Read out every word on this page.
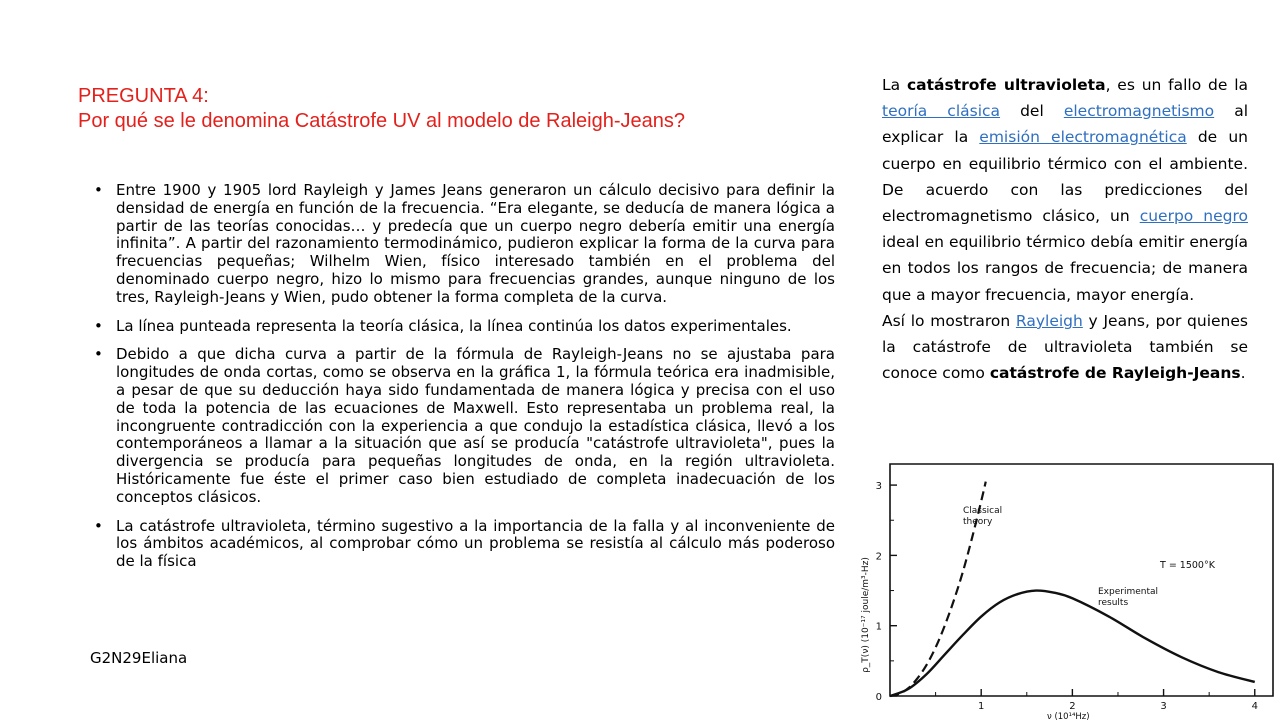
PREGUNTA 4:
Por qué se le denomina Catástrofe UV al modelo de Raleigh-Jeans?

• Entre 1900 y 1905 lord Rayleigh y James Jeans generaron un cálculo decisivo para definir la densidad de energía en función de la frecuencia. “Era elegante, se deducía de manera lógica a partir de las teorías conocidas… y predecía que un cuerpo negro debería emitir una energía infinita”. A partir del razonamiento termodinámico, pudieron explicar la forma de la curva para frecuencias pequeñas; Wilhelm Wien, físico interesado también en el problema del denominado cuerpo negro, hizo lo mismo para frecuencias grandes, aunque ninguno de los tres, Rayleigh-Jeans y Wien, pudo obtener la forma completa de la curva.

• La línea punteada representa la teoría clásica, la línea continúa los datos experimentales.

• Debido a que dicha curva a partir de la fórmula de Rayleigh-Jeans no se ajustaba para longitudes de onda cortas, como se observa en la gráfica 1, la fórmula teórica era inadmisible, a pesar de que su deducción haya sido fundamentada de manera lógica y precisa con el uso de toda la potencia de las ecuaciones de Maxwell. Esto representaba un problema real, la incongruente contradicción con la experiencia a que condujo la estadística clásica, llevó a los contemporáneos a llamar a la situación que así se producía "catástrofe ultravioleta", pues la divergencia se producía para pequeñas longitudes de onda, en la región ultravioleta. Históricamente fue éste el primer caso bien estudiado de completa inadecuación de los conceptos clásicos.

• La catástrofe ultravioleta, término sugestivo a la importancia de la falla y al inconveniente de los ámbitos académicos, al comprobar cómo un problema se resistía al cálculo más poderoso de la física

G2N29Eliana

La catástrofe ultravioleta, es un fallo de la teoría clásica del electromagnetismo al explicar la emisión electromagnética de un cuerpo en equilibrio térmico con el ambiente. De acuerdo con las predicciones del electromagnetismo clásico, un cuerpo negro ideal en equilibrio térmico debía emitir energía en todos los rangos de frecuencia; de manera que a mayor frecuencia, mayor energía.

Así lo mostraron Rayleigh y Jeans, por quienes la catástrofe de ultravioleta también se conoce como catástrofe de Rayleigh-Jeans.

1	2	3	4
0
1
2
3
Classical theory
Experimental results
T = 1500°K
ρ_T(ν) (10⁻¹⁷ joule/m³-Hz)
ν (10¹⁴Hz)
